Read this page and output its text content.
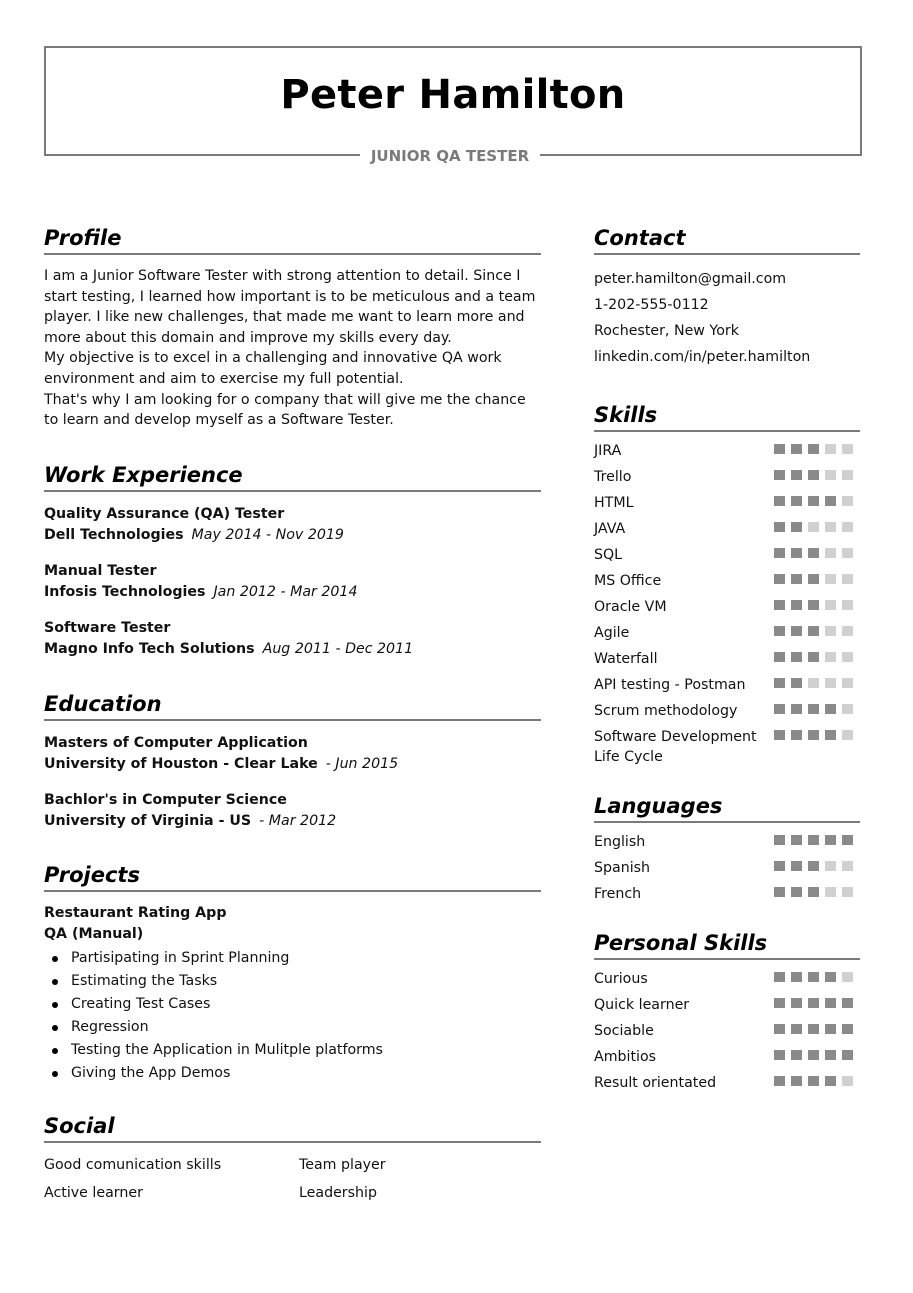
Peter Hamilton
JUNIOR QA TESTER
Profile

I am a Junior Software Tester with strong attention to detail. Since I start testing, I learned how important is to be meticulous and a team player. I like new challenges, that made me want to learn more and more about this domain and improve my skills every day.

My objective is to excel in a challenging and innovative QA work environment and aim to exercise my full potential.

That's why I am looking for o company that will give me the chance to learn and develop myself as a Software Tester.

Work Experience
Quality Assurance (QA) Tester
Dell Technologies May 2014 - Nov 2019
Manual Tester
Infosis Technologies Jan 2012 - Mar 2014
Software Tester
Magno Info Tech Solutions Aug 2011 - Dec 2011
Education
Masters of Computer Application
University of Houston - Clear Lake - Jun 2015
Bachlor's in Computer Science
University of Virginia - US - Mar 2012
Projects
Restaurant Rating App
QA (Manual)
Partisipating in Sprint Planning
Estimating the Tasks
Creating Test Cases
Regression
Testing the Application in Mulitple platforms
Giving the App Demos
Social
Good comunication skills	Team player
Active learner	Leadership
Contact
peter.hamilton@gmail.com
1-202-555-0112
Rochester, New York
linkedin.com/in/peter.hamilton
Skills
JIRA
Trello
HTML
JAVA
SQL
MS Office
Oracle VM
Agile
Waterfall
API testing - Postman
Scrum methodology
Software Development Life Cycle
Languages
English
Spanish
French
Personal Skills
Curious
Quick learner
Sociable
Ambitios
Result orientated
